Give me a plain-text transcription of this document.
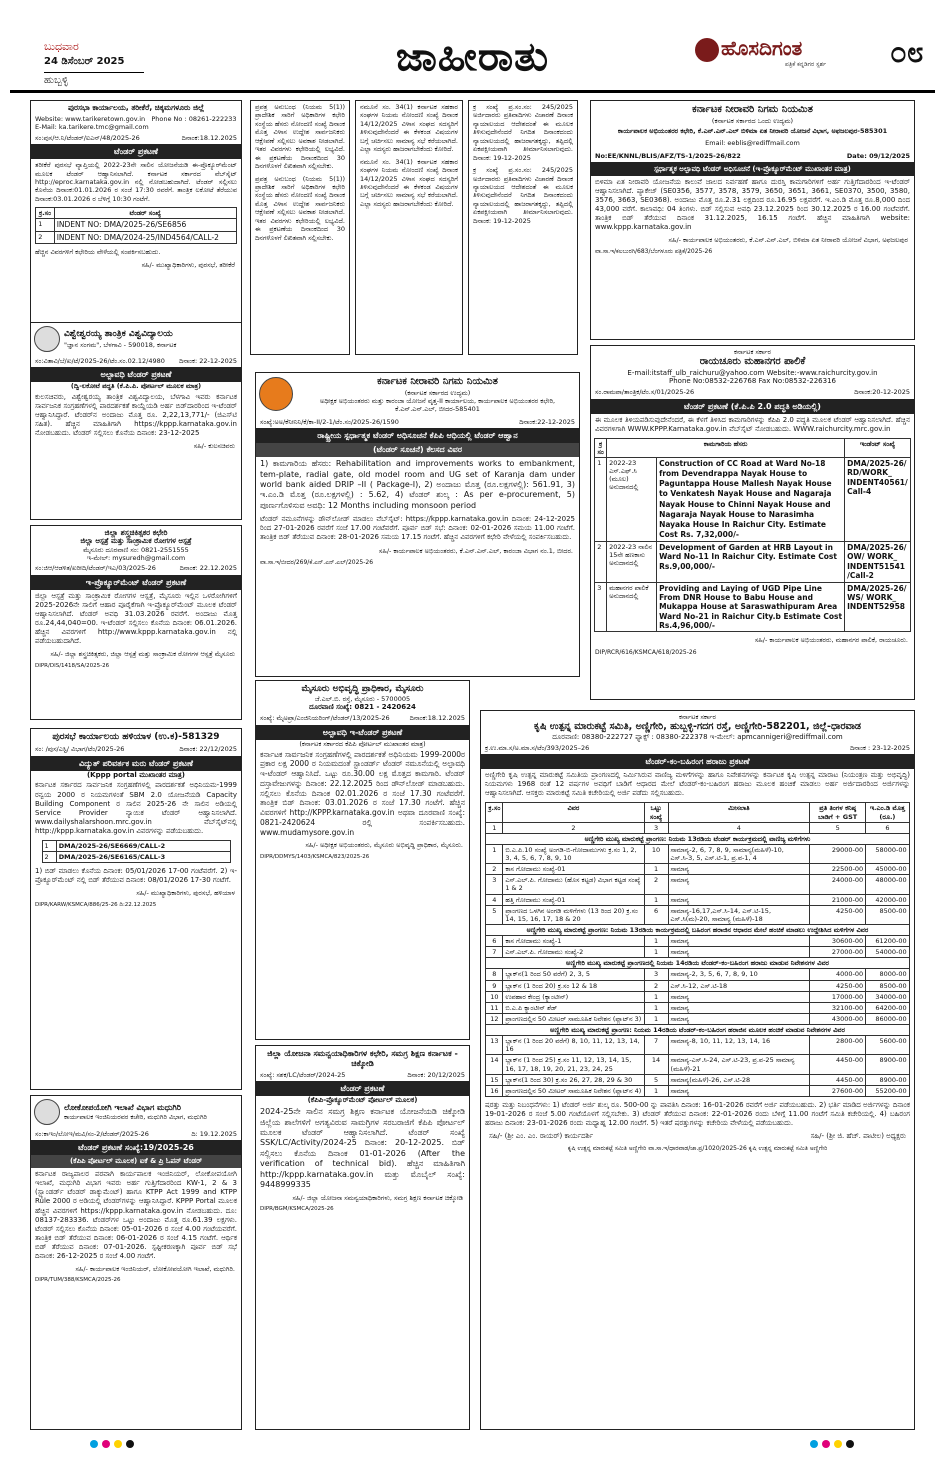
ಜಾಹೀರಾತು
ಬುಧವಾರ
24 ಡಿಸೆಂಬರ್ 2025
ಹುಬ್ಬಳ್ಳಿ
ಹೊಸದಿಗಂತ
ಪತ್ರಿಕೆ ಕನ್ನಡಿಗರ ಸ್ಪರ್ಶ ೦೮
ಪುರಸಭಾ ಕಾರ್ಯಾಲಯ, ತರೀಕೆರೆ, ಚಿಕ್ಕಮಗಳೂರು ಜಿಲ್ಲೆ
Website: www.tarikeretown.gov.in Phone No : 08261-222233
E-Mail: ka.tarikere.tmc@gmail.com
ಸಂ:ಪುಸ/ಆ.ನಿ/ಟೆಂಡರ್/ಐಎನ್/48/2025-26	ದಿನಾಂಕ:18.12.2025
ಟೆಂಡರ್ ಪ್ರಕಟಣೆ
ತರೀಕೆರೆ ಪುರಸಭೆ ವ್ಯಾಪ್ತಿಯಲ್ಲಿ 2022-23ನೇ ಸಾಲಿನ ಯೋಜನೆಯಡಿ ಈ-ಪ್ರೊಕ್ಯೂರ್‌ಮೆಂಟ್ ಮೂಲಕ ಟೆಂಡರ್ ಆಹ್ವಾನಿಸಲಾಗಿದೆ. ಕರ್ನಾಟಕ ಸರ್ಕಾರದ ವೆಬ್‌ಸೈಟ್ http://eproc.karnataka.gov.in ನಲ್ಲಿ ನೋಡಬಹುದಾಗಿದೆ. ಟೆಂಡರ್ ಸಲ್ಲಿಸಲು ಕೊನೆಯ ದಿನಾಂಕ:01.01.2026 ರ ಸಂಜೆ 17:30 ರವರೆಗೆ. ತಾಂತ್ರಿಕ ಲಕೋಟೆ ತೆರೆಯುವ ದಿನಾಂಕ:03.01.2026 ರ ಬೆಳಿಗ್ಗೆ 10:30 ಗಂಟೆಗೆ.
ಕ್ರ.ಸಂ	ಟೆಂಡರ್ ಸಂಖ್ಯೆ
1	INDENT NO: DMA/2025-26/SE6856
2	INDENT NO: DMA/2024-25/IND4564/CALL-2
ಹೆಚ್ಚಿನ ವಿವರಗಳಿಗೆ ಕಛೇರಿಯ ವೇಳೆಯಲ್ಲಿ ಸಂಪರ್ಕಿಸಬಹುದು.
ಸಹಿ/- ಮುಖ್ಯಾಧಿಕಾರಿಗಳು, ಪುರಸಭೆ, ತರೀಕೆರೆ
ಪ್ರಪತ್ರ ಅನುಬಂಧ (ನಿಯಮ 5(1)) ಪ್ರಾದೇಶಿಕ ಸಾರಿಗೆ ಅಧಿಕಾರಿಗಳ ಕಛೇರಿ ಸಂಸ್ಥೆಯ ಹೆಸರು ನೋಂದಣಿ ಸಂಖ್ಯೆ ದಿನಾಂಕ ಮೊತ್ತ ವಿಳಾಸ ಉದ್ದೇಶ ಸಾರ್ವಜನಿಕರು ಆಕ್ಷೇಪಣೆ ಸಲ್ಲಿಸಲು ಅವಕಾಶ ನೀಡಲಾಗಿದೆ. ಇತರ ವಿವರಗಳು ಕಛೇರಿಯಲ್ಲಿ ಲಭ್ಯವಿದೆ. ಈ ಪ್ರಕಟಣೆಯ ದಿನಾಂಕದಿಂದ 30 ದಿನಗಳೊಳಗೆ ಲಿಖಿತವಾಗಿ ಸಲ್ಲಿಸಬೇಕು.
ಪ್ರಪತ್ರ ಅನುಬಂಧ (ನಿಯಮ 5(1)) ಪ್ರಾದೇಶಿಕ ಸಾರಿಗೆ ಅಧಿಕಾರಿಗಳ ಕಛೇರಿ ಸಂಸ್ಥೆಯ ಹೆಸರು ನೋಂದಣಿ ಸಂಖ್ಯೆ ದಿನಾಂಕ ಮೊತ್ತ ವಿಳಾಸ ಉದ್ದೇಶ ಸಾರ್ವಜನಿಕರು ಆಕ್ಷೇಪಣೆ ಸಲ್ಲಿಸಲು ಅವಕಾಶ ನೀಡಲಾಗಿದೆ. ಇತರ ವಿವರಗಳು ಕಛೇರಿಯಲ್ಲಿ ಲಭ್ಯವಿದೆ. ಈ ಪ್ರಕಟಣೆಯ ದಿನಾಂಕದಿಂದ 30 ದಿನಗಳೊಳಗೆ ಲಿಖಿತವಾಗಿ ಸಲ್ಲಿಸಬೇಕು.
ನಮೂನೆ ಸಂ. 34(1) ಕರ್ನಾಟಕ ಸಹಕಾರ ಸಂಘಗಳ ನಿಯಮ ನೋಂದಣಿ ಸಂಖ್ಯೆ ದಿನಾಂಕ 14/12/2025 ವಿಳಾಸ ಸಂಘದ ಸದಸ್ಯರಿಗೆ ತಿಳಿಸುವುದೇನೆಂದರೆ ಈ ಕೆಳಕಂಡ ವಿಷಯಗಳ ಬಗ್ಗೆ ಚರ್ಚಿಸಲು ಸಾಮಾನ್ಯ ಸಭೆ ಕರೆಯಲಾಗಿದೆ. ಎಲ್ಲಾ ಸದಸ್ಯರು ಹಾಜರಾಗಬೇಕೆಂದು ಕೋರಿದೆ.
ನಮೂನೆ ಸಂ. 34(1) ಕರ್ನಾಟಕ ಸಹಕಾರ ಸಂಘಗಳ ನಿಯಮ ನೋಂದಣಿ ಸಂಖ್ಯೆ ದಿನಾಂಕ 14/12/2025 ವಿಳಾಸ ಸಂಘದ ಸದಸ್ಯರಿಗೆ ತಿಳಿಸುವುದೇನೆಂದರೆ ಈ ಕೆಳಕಂಡ ವಿಷಯಗಳ ಬಗ್ಗೆ ಚರ್ಚಿಸಲು ಸಾಮಾನ್ಯ ಸಭೆ ಕರೆಯಲಾಗಿದೆ. ಎಲ್ಲಾ ಸದಸ್ಯರು ಹಾಜರಾಗಬೇಕೆಂದು ಕೋರಿದೆ.
ಕ್ರ ಸಂಖ್ಯೆ ಪ್ರ.ಸಂ.ಸಂ: 245/2025 ಅರ್ಜಿದಾರರು ಪ್ರತಿವಾದಿಗಳು ವಿಚಾರಣೆ ದಿನಾಂಕ ನ್ಯಾಯಾಲಯದ ಆದೇಶದಂತೆ ಈ ಮೂಲಕ ತಿಳಿಸುವುದೇನೆಂದರೆ ನಿಗದಿತ ದಿನಾಂಕದಂದು ನ್ಯಾಯಾಲಯದಲ್ಲಿ ಹಾಜರಾಗತಕ್ಕದ್ದು, ತಪ್ಪಿದಲ್ಲಿ ಏಕಪಕ್ಷೀಯವಾಗಿ ತೀರ್ಮಾನಿಸಲಾಗುವುದು. ದಿನಾಂಕ: 19-12-2025
ಕ್ರ ಸಂಖ್ಯೆ ಪ್ರ.ಸಂ.ಸಂ: 245/2025 ಅರ್ಜಿದಾರರು ಪ್ರತಿವಾದಿಗಳು ವಿಚಾರಣೆ ದಿನಾಂಕ ನ್ಯಾಯಾಲಯದ ಆದೇಶದಂತೆ ಈ ಮೂಲಕ ತಿಳಿಸುವುದೇನೆಂದರೆ ನಿಗದಿತ ದಿನಾಂಕದಂದು ನ್ಯಾಯಾಲಯದಲ್ಲಿ ಹಾಜರಾಗತಕ್ಕದ್ದು, ತಪ್ಪಿದಲ್ಲಿ ಏಕಪಕ್ಷೀಯವಾಗಿ ತೀರ್ಮಾನಿಸಲಾಗುವುದು. ದಿನಾಂಕ: 19-12-2025
ಕರ್ನಾಟಕ ನೀರಾವರಿ ನಿಗಮ ನಿಯಮಿತ
(ಕರ್ನಾಟಕ ಸರ್ಕಾರದ ಒಂದು ಉದ್ಯಮ)
ಕಾರ್ಯಪಾಲಕ ಅಭಿಯಂತರರ ಕಛೇರಿ, ಕೆ.ಎನ್.ಎನ್.ಎಲ್ ಬಿಳಿಮಾ ಏತ ನೀರಾವರಿ ಯೋಜನೆ ವಿಭಾಗ, ಅಫಜಲಪುರ-585301
Email: eeblis@rediffmail.com
No:EE/KNNL/BLIS/AFZ/TS-1/2025-26/822	Date: 09/12/2025
ಸ್ಪರ್ಧಾತ್ಮಕ ಅಲ್ಪಾವಧಿ ಟೆಂಡರ್ ಅಧಿಸೂಚನೆ (ಇ-ಪ್ರೊಕ್ಯೂರ್‌ಮೆಂಟ್ ಮುಖಾಂತರ ಮಾತ್ರ)
ಬಿಳಿಮಾ ಏತ ನೀರಾವರಿ ಯೋಜನೆಯ ಕಾಲುವೆ ಜಾಲದ ನಿರ್ವಹಣೆ ಹಾಗೂ ದುರಸ್ತಿ ಕಾಮಗಾರಿಗಳಿಗೆ ಅರ್ಹ ಗುತ್ತಿಗೆದಾರರಿಂದ ಇ-ಟೆಂಡರ್ ಆಹ್ವಾನಿಸಲಾಗಿದೆ. ಪ್ಯಾಕೇಜ್ (SE0356, 3577, 3578, 3579, 3650, 3651, 3661, SE0370, 3500, 3580, 3576, 3663, SE0368). ಅಂದಾಜು ಮೊತ್ತ ರೂ.2.31 ಲಕ್ಷದಿಂದ ರೂ.16.95 ಲಕ್ಷವರೆಗೆ. ಇ.ಎಂ.ಡಿ ಮೊತ್ತ ರೂ.8,000 ದಿಂದ 43,000 ವರೆಗೆ. ಕಾಲಾವಧಿ: 04 ತಿಂಗಳು. ಬಿಡ್ ಸಲ್ಲಿಸುವ ಅವಧಿ 23.12.2025 ರಿಂದ 30.12.2025 ರ 16.00 ಗಂಟೆವರೆಗೆ. ತಾಂತ್ರಿಕ ಬಿಡ್ ತೆರೆಯುವ ದಿನಾಂಕ 31.12.2025, 16.15 ಗಂಟೆಗೆ. ಹೆಚ್ಚಿನ ಮಾಹಿತಿಗಾಗಿ website: www.kppp.karnataka.gov.in
ಸಹಿ/- ಕಾರ್ಯಪಾಲಕ ಅಭಿಯಂತರರು, ಕೆ.ಎನ್.ಎನ್.ಎಲ್, ಬಿಳಿಮಾ ಏತ ನೀರಾವರಿ ಯೋಜನೆ ವಿಭಾಗ, ಅಫಜಲಪುರ
ವಾ.ಸಾ.ಇ/ಕಲಬುರಗಿ/683/ಬೆಂಗಳೂರು ಪತ್ರಿಕೆ/2025-26
ವಿಶ್ವೇಶ್ವರಯ್ಯ ತಾಂತ್ರಿಕ ವಿಶ್ವವಿದ್ಯಾಲಯ
"ಜ್ಞಾನ ಸಂಗಮ", ಬೆಳಗಾವಿ - 590018, ಕರ್ನಾಟಕ
ಸಂ:ವಿತಾವಿ/ಬೆ/ಖ/ಟೆ/2025-26/ಟೆಂ.ಸಂ.02.12/4980 ದಿನಾಂಕ: 22-12-2025
ಅಲ್ಪಾವಧಿ ಟೆಂಡರ್ ಪ್ರಕಟಣೆ
(ದ್ವಿ-ಲಕೋಟೆ ಪದ್ಧತಿ (ಕೆ.ಪಿ.ಪಿ. ಪೋರ್ಟಲ್ ಮೂಲಕ ಮಾತ್ರ)
ಕುಲಸಚಿವರು, ವಿಶ್ವೇಶ್ವರಯ್ಯ ತಾಂತ್ರಿಕ ವಿಶ್ವವಿದ್ಯಾಲಯ, ಬೆಳಗಾವಿ ಇವರು ಕರ್ನಾಟಕ ಸಾರ್ವಜನಿಕ ಸಂಗ್ರಹಣೆಗಳಲ್ಲಿ ಪಾರದರ್ಶಕತೆ ಕಾಯ್ದೆಯಡಿ ಅರ್ಹ ಬಿಡ್‌ದಾರರಿಂದ ಇ-ಟೆಂಡರ್ ಆಹ್ವಾನಿಸಿದ್ದಾರೆ. ಟೆಂಡರ್‌ನ ಅಂದಾಜು ಮೊತ್ತ ರೂ. 2,22,13,771/- (ಜಿಎಸ್‌ಟಿ ಸಹಿತ). ಹೆಚ್ಚಿನ ಮಾಹಿತಿಗಾಗಿ https://kppp.karnataka.gov.in ನೋಡಬಹುದು. ಟೆಂಡರ್ ಸಲ್ಲಿಸಲು ಕೊನೆಯ ದಿನಾಂಕ: 23-12-2025
ಸಹಿ/- ಕುಲಸಚಿವರು
ಜಿಲ್ಲಾ ಶಸ್ತ್ರಚಿಕಿತ್ಸಕರ ಕಛೇರಿ
ಜಿಲ್ಲಾ ಆಸ್ಪತ್ರೆ ಮತ್ತು ಸಾಂಕ್ರಾಮಿಕ ರೋಗಗಳ ಆಸ್ಪತ್ರೆ
ಮೈಸೂರು ದೂರವಾಣಿ ಸಂ: 0821-2551555
ಇ-ಮೇಲ್: mysuredh@gmail.com
ಸಂ:ಜಿಆ/ಆಡಳಿತ/ಖರೀದಿ/ಟೆಂಡರ್/ಇಎ/03/2025-26	ದಿನಾಂಕ: 22.12.2025
ಇ-ಪ್ರೊಕ್ಯೂರ್‌ಮೆಂಟ್ ಟೆಂಡರ್ ಪ್ರಕಟಣೆ
ಜಿಲ್ಲಾ ಆಸ್ಪತ್ರೆ ಮತ್ತು ಸಾಂಕ್ರಾಮಿಕ ರೋಗಗಳ ಆಸ್ಪತ್ರೆ, ಮೈಸೂರು ಇಲ್ಲಿನ ಒಳರೋಗಿಗಳಿಗೆ 2025-2026ನೇ ಸಾಲಿಗೆ ಆಹಾರ ಪೂರೈಕೆಗಾಗಿ ಇ-ಪ್ರೊಕ್ಯೂರ್‌ಮೆಂಟ್ ಮೂಲಕ ಟೆಂಡರ್ ಆಹ್ವಾನಿಸಲಾಗಿದೆ. ಟೆಂಡರ್ ಅವಧಿ 31.03.2026 ರವರೆಗೆ. ಅಂದಾಜು ಮೊತ್ತ ರೂ.24,44,040=00. ಇ-ಟೆಂಡರ್ ಸಲ್ಲಿಸಲು ಕೊನೆಯ ದಿನಾಂಕ: 06.01.2026. ಹೆಚ್ಚಿನ ವಿವರಗಳಿಗೆ http://www.kppp.karnataka.gov.in ನಲ್ಲಿ ಪಡೆಯಬಹುದಾಗಿದೆ.
ಸಹಿ/- ಜಿಲ್ಲಾ ಶಸ್ತ್ರಚಿಕಿತ್ಸಕರು, ಜಿಲ್ಲಾ ಆಸ್ಪತ್ರೆ ಮತ್ತು ಸಾಂಕ್ರಾಮಿಕ ರೋಗಗಳ ಆಸ್ಪತ್ರೆ ಮೈಸೂರು
DIPR/DIS/1418/SA/2025-26
ಕರ್ನಾಟಕ ನೀರಾವರಿ ನಿಗಮ ನಿಯಮಿತ
(ಕರ್ನಾಟಕ ಸರ್ಕಾರದ ಉದ್ಯಮ)
ಅಧೀಕ್ಷಕ ಅಭಿಯಂತರರು ಮತ್ತು ಕಾರಂಜಾ ಯೋಜನೆ ವೃತ್ತ-II ಕಾರ್ಯಾಲಯ, ಕಾರ್ಯಪಾಲಕ ಅಭಿಯಂತರರ ಕಛೇರಿ, ಕೆ.ಎನ್.ಎನ್.ಎಲ್, ಬೀದರ-585401
ಸಂಖ್ಯೆ:ಅಅ/ಕೆನೀನಿನಿ/ಕೆ/ಕಾ-II/2-1/ಟೆಂ.ಸಂ/2025-26/1590	ದಿನಾಂಕ:22-12-2025
ರಾಷ್ಟ್ರೀಯ ಸ್ಪರ್ಧಾತ್ಮಕ ಟೆಂಡರ್ ಅಧಿಸೂಚನೆ ಕೆಪಿಪಿ ಆಧಿಯಲ್ಲಿ ಟೆಂಡರ್ ಆಹ್ವಾನ
(ಟೆಂಡರ್ ಸೂಚನೆ) ಕೆಲಸದ ವಿವರ
1) ಕಾಮಗಾರಿಯ ಹೆಸರು: Rehabilitation and improvements works to embankment, tem-plate, radial gate, old model room and UG set of Karanja dam under world bank aided DRIP –II ( Package-I), 2) ಅಂದಾಜು ಮೊತ್ತ (ರೂ.ಲಕ್ಷಗಳಲ್ಲಿ): 561.91, 3) ಇ.ಎಂ.ಡಿ ಮೊತ್ತ (ರೂ.ಲಕ್ಷಗಳಲ್ಲಿ) : 5.62, 4) ಟೆಂಡರ್ ಶುಲ್ಕ : As per e-procurement, 5) ಪೂರ್ಣಗೊಳಿಸುವ ಅವಧಿ: 12 Months including monsoon period
ಟೆಂಡರ್ ನಮೂನೆಗಳನ್ನು ಡೌನ್‌ಲೋಡ್ ಮಾಡಲು ವೆಬ್‌ಸೈಟ್: https://kppp.karnataka.gov.in ದಿನಾಂಕ: 24-12-2025 ರಿಂದ 27-01-2026 ರವರೆಗೆ ಸಂಜೆ 17.00 ಗಂಟೆವರೆಗೆ. ಪೂರ್ವ ಬಿಡ್ ಸಭೆ: ದಿನಾಂಕ: 02-01-2026 ಸಮಯ 11.00 ಗಂಟೆಗೆ. ತಾಂತ್ರಿಕ ಬಿಡ್ ತೆರೆಯುವ ದಿನಾಂಕ: 28-01-2026 ಸಮಯ 17.15 ಗಂಟೆಗೆ. ಹೆಚ್ಚಿನ ವಿವರಗಳಿಗೆ ಕಛೇರಿ ವೇಳೆಯಲ್ಲಿ ಸಂಪರ್ಕಿಸಬಹುದು.
ಸಹಿ/- ಕಾರ್ಯಪಾಲಕ ಅಭಿಯಂತರರು, ಕೆ.ಎನ್.ಎನ್.ಎಲ್, ಕಾರಂಜಾ ವಿಭಾಗ ನಂ.1, ಬೀದರ.
ವಾ.ಸಾ.ಇ/ಬೀದರ/269/ಕೆ.ಎನ್.ಎನ್.ಎಲ್/2025-26
ಕರ್ನಾಟಕ ಸರ್ಕಾರ
ರಾಯಚೂರು ಮಹಾನಗರ ಪಾಲಿಕೆ
E-mail:itstaff_ulb_raichuru@yahoo.com Website:-www.raichurcity.gov.in
Phone No:08532-226768 Fax No:08532-226316
ಸಂ.ರಾಮಪಾ/ತಾಂತ್ರಿಕ/ಟೆಂ.ಸ/01/2025-26	ದಿನಾಂಕ:20-12-2025
ಟೆಂಡರ್ ಪ್ರಕಟಣೆ (ಕೆ.ಪಿ.ಪಿ 2.0 ಪದ್ಧತಿ ಅಡಿಯಲ್ಲಿ)
ಈ ಮೂಲಕ ತಿಳಿಯಪಡಿಸುವುದೇನೆಂದರೆ, ಈ ಕೆಳಗೆ ತಿಳಿಸಿದ ಕಾಮಗಾರಿಗಳನ್ನು ಕೆಪಿಪಿ 2.0 ಪದ್ಧತಿ ಮೂಲಕ ಟೆಂಡರ್ ಆಹ್ವಾನಿಸಲಾಗಿದೆ. ಹೆಚ್ಚಿನ ವಿವರಗಳಿಗಾಗಿ WWW.KPPP.Karnataka.gov.in ವೆಬ್‌ಸೈಟ್ ನೋಡಬಹುದು. WWW.raichurcity.mrc.gov.in
ಕ್ರ ಸಂ	ಕಾಮಗಾರಿಯ ಹೆಸರು		ಇಂಡೆಂಟ್ ಸಂಖ್ಯೆ
1	2022-23 ಎಸ್.ಎಫ್.ಸಿ (ಮೂಲ) ಅನುದಾನದಲ್ಲಿ	Construction of CC Road at Ward No-18 from Devendrappa Nayak House to Paguntappa House Mallesh Nayak House to Venkatesh Nayak House and Nagaraja Nayak House to Chinni Nayak House and Nagaraja Nayak House to Narasimha Nayaka House In Raichur City. Estimate Cost Rs. 7,32,000/-	DMA/2025-26/ RD/WORK_ INDENT40561/ Call-4
2	2022-23 ನಾಲಿನ 15ನೇ ಹಣಕಾಸು ಅನುದಾನದಲ್ಲಿ	Development of Garden at HRB Layout in Ward No-11 In Raichur City. Estimate Cost Rs.9,00,000/-	DMA/2025-26/ OW/ WORK_ INDENT51541 /Call-2
3	ಮಹಾನಗರ ಪಾಲಿಕೆ ಅನುದಾನದಲ್ಲಿ	Providing and Laying of UGD Pipe Line From DNR House to Babu House and Mukappa House at Saraswathipuram Area Ward No-21 in Raichur City.b Estimate Cost Rs.4,96,000/-	DMA/2025-26/ WS/ WORK_ INDENT52958
ಸಹಿ/- ಕಾರ್ಯಪಾಲಕ ಅಭಿಯಂತರರು, ಮಹಾನಗರ ಪಾಲಿಕೆ, ರಾಯಚೂರು.
DIP/RCR/616/KSMCA/618/2025-26
ಪುರಸಭೆ ಕಾರ್ಯಾಲಯ ಹಳಿಯಾಳ (ಉ.ಕ)-581329
ಸಂ: /ಪುಸ/ಎಸ್ಟಿ/ ವಿಭಾಗ/ಟೆಂ/2025-26	ದಿನಾಂಕ: 22/12/2025
ವಿದ್ಯುತ್ ಪರಿವರ್ತಕ ಮರು ಟೆಂಡರ್ ಪ್ರಕಟಣೆ
(Kppp portal ಮುಖಾಂತರ ಮಾತ್ರ)
ಕರ್ನಾಟಕ ಸರ್ಕಾರದ ಸಾರ್ವಜನಿಕ ಸಂಗ್ರಹಣೆಗಳಲ್ಲಿ ಪಾರದರ್ಶಕತೆ ಅಧಿನಿಯಮ-1999 ರನ್ವಯ 2000 ರ ನಿಯಮಗಳಂತೆ SBM 2.0 ಯೋಜನೆಯಡಿ Capacity Building Component ರ ಸಾಲಿನ 2025-26 ನೇ ಸಾಲಿನ ಅಡಿಯಲ್ಲಿ Service Provider ನ್ಯಾಯಿಕ ಟೆಂಡರ್ ಆಹ್ವಾನಿಸಲಾಗಿದೆ. www.dailyshalarshoon.mrc.gov.in ವೆಬ್‌ಸೈಟ್‌ನಲ್ಲಿ http://kppp.karnataka.gov.in ವಿವರಗಳನ್ನು ಪಡೆಯಬಹುದು.
1	DMA/2025-26/SE6669/CALL-2
2	DMA/2025-26/SE6165/CALL-3
1) ಬಿಡ್ ಮಾಡಲು ಕೊನೆಯ ದಿನಾಂಕ: 05/01/2026 17-00 ಗಂಟೆವರೆಗೆ. 2) ಇ-ಪ್ರೊಕ್ಯೂರ್‌ಮೆಂಟ್ ನಲ್ಲಿ ಬಿಡ್ ತೆರೆಯುವ ದಿನಾಂಕ: 08/01/2026 17-30 ಗಂಟೆಗೆ.
ಸಹಿ/- ಮುಖ್ಯಾಧಿಕಾರಿಗಳು, ಪುರಸಭೆ, ಹಳಿಯಾಳ
DIPR/KARW/KSMCA/886/25-26 ದಿ:22.12.2025
ಮೈಸೂರು ಅಭಿವೃದ್ಧಿ ಪ್ರಾಧಿಕಾರ, ಮೈಸೂರು
ಜೆ.ಎಲ್.ಬಿ. ರಸ್ತೆ, ಮೈಸೂರು - 5700005
ದೂರವಾಣಿ ಸಂಖ್ಯೆ: 0821 - 2420624
ಸಂಖ್ಯೆ: ಮೈಅಪ್ರಾ/ಎಂಜಿನಿಯರಿಂಗ್/ಟೆಂಡರ್/13/2025-26	ದಿನಾಂಕ:18.12.2025
ಅಲ್ಪಾವಧಿ ಇ-ಟೆಂಡರ್ ಪ್ರಕಟಣೆ
(ಕರ್ನಾಟಕ ಸರ್ಕಾರದ ಕೆಪಿಪಿ ಪೋರ್ಟಲ್ ಮುಖಾಂತರ ಮಾತ್ರ)
ಕರ್ನಾಟಕ ಸಾರ್ವಜನಿಕ ಸಂಗ್ರಹಣೆಗಳಲ್ಲಿ ಪಾರದರ್ಶಕತೆ ಅಧಿನಿಯಮ 1999-2000ರ ಪ್ರಕಾರ ಲಕ್ಷ 2000 ರ ನಿಯಮದಂತೆ ಸ್ಟಾಂಡರ್ಡ್ ಟೆಂಡರ್ ನಮೂನೆಯಲ್ಲಿ ಅಲ್ಪಾವಧಿ ಇ-ಟೆಂಡರ್ ಆಹ್ವಾನಿಸಿದೆ. ಒಟ್ಟು ರೂ.30.00 ಲಕ್ಷ ಮೊತ್ತದ ಕಾಮಗಾರಿ. ಟೆಂಡರ್ ದಸ್ತಾವೇಜುಗಳನ್ನು ದಿನಾಂಕ: 22.12.2025 ರಿಂದ ಡೌನ್‌ಲೋಡ್ ಮಾಡಬಹುದು. ಸಲ್ಲಿಸಲು ಕೊನೆಯ ದಿನಾಂಕ 02.01.2026 ರ ಸಂಜೆ 17.30 ಗಂಟೆವರೆಗೆ. ತಾಂತ್ರಿಕ ಬಿಡ್ ದಿನಾಂಕ: 03.01.2026 ರ ಸಂಜೆ 17.30 ಗಂಟೆಗೆ. ಹೆಚ್ಚಿನ ವಿವರಗಳಿಗೆ http://KPPP.karnataka.gov.in ಅಥವಾ ದೂರವಾಣಿ ಸಂಖ್ಯೆ: 0821-2420624 ರಲ್ಲಿ ಸಂಪರ್ಕಿಸಬಹುದು. www.mudamysore.gov.in
ಸಹಿ/- ಅಧೀಕ್ಷಕ ಅಭಿಯಂತರರು, ಮೈಸೂರು ಅಭಿವೃದ್ಧಿ ಪ್ರಾಧಿಕಾರ, ಮೈಸೂರು.
DIPR/DDMYS/1403/KSMCA/823/2025-26
ಕರ್ನಾಟಕ ಸರ್ಕಾರ
ಕೃಷಿ ಉತ್ಪನ್ನ ಮಾರುಕಟ್ಟೆ ಸಮಿತಿ, ಅಣ್ಣಿಗೇರಿ, ಹುಬ್ಬಳ್ಳಿ-ಗದಗ ರಸ್ತೆ, ಅಣ್ಣಿಗೇರಿ-582201, ಜಿಲ್ಲೆ-ಧಾರವಾಡ
ದೂರವಾಣಿ: 08380-222727 ಫ್ಯಾಕ್ಸ್ : 08380-222378 ಇ-ಮೇಲ್: apmcannigeri@rediffmail.com
ಕ್ರ.ಉ.ಮಾ.ಸ/ಅ.ಮಾ.ಸ/ಟೆಂ/393/2025–26	ದಿನಾಂಕ : 23-12-2025
ಟೆಂಡರ್-ಕಂ-ಬಹಿರಂಗ ಹರಾಜು ಪ್ರಕಟಣೆ
ಅಣ್ಣಿಗೇರಿ ಕೃಷಿ ಉತ್ಪನ್ನ ಮಾರುಕಟ್ಟೆ ಸಮಿತಿಯ ಪ್ರಾಂಗಣದಲ್ಲಿ ನಿರ್ಮಿಸಿರುವ ವಾಣಿಜ್ಯ ಮಳಿಗೆಗಳನ್ನು ಹಾಗೂ ನಿವೇಶನಗಳನ್ನು ಕರ್ನಾಟಕ ಕೃಷಿ ಉತ್ಪನ್ನ ಮಾರಾಟ (ನಿಯಂತ್ರಣ ಮತ್ತು ಅಭಿವೃದ್ಧಿ) ನಿಯಮಗಳು 1968 ರಂತೆ 12 ವರ್ಷಗಳ ಅವಧಿಗೆ ಬಾಡಿಗೆ ಆಧಾರದ ಮೇಲೆ ಟೆಂಡರ್-ಕಂ-ಬಹಿರಂಗ ಹರಾಜು ಮೂಲಕ ಹಂಚಿಕೆ ಮಾಡಲು ಅರ್ಹ ಅರ್ಜಿದಾರರಿಂದ ಅರ್ಜಿಗಳನ್ನು ಆಹ್ವಾನಿಸಲಾಗಿದೆ. ಆಸಕ್ತರು ಮಾರುಕಟ್ಟೆ ಸಮಿತಿ ಕಚೇರಿಯಲ್ಲಿ ಅರ್ಜಿ ಪಡೆದು ಸಲ್ಲಿಸಬಹುದು.
ಕ್ರ.ಸಂ	ವಿವರ	ಒಟ್ಟು ಸಂಖ್ಯೆ	ಮೀಸಲಾತಿ	ಪ್ರತಿ ತಿಂಗಳ ಕನಿಷ್ಠ ಬಾಡಿಗೆ + GST	ಇ.ಎಂ.ಡಿ ಮೊತ್ತ (ರೂ.)
1	2	3	4	5	6
ಅಣ್ಣಿಗೇರಿ ಮುಖ್ಯ ಮಾರುಕಟ್ಟೆ ಪ್ರಾಂಗಣ: ನಿಯಮ 13ರಡಿಯ ಟೆಂಡರ್ ಕಾರ್ಯಕ್ರಮದಲ್ಲಿ ವಾಣಿಜ್ಯ ಮಳಿಗೆಗಳು					
1	ಬಿ.ಎ.ಪಿ.10 ಸಂಖ್ಯೆ ಅಂಗಡಿ-ಬಿ-ಗೋದಾಮುಗಳು ಕ್ರ.ಸಂ 1, 2, 3, 4, 5, 6, 7, 8, 9, 10	10	ಸಾಮಾನ್ಯ-2, 6, 7, 8, 9, ಸಾಮಾನ್ಯ(ಮಹಿಳೆ)-10, ಎಸ್.ಸಿ-3, 5, ಎಸ್.ಟಿ-1, ಪ್ರ.ವ-1, 4	29000-00	58000-00
2	ಕಾಸ ಗೋದಾಮು ಸಂಖ್ಯೆ-01	1	ಸಾಮಾನ್ಯ	22500-00	45000-00
3	ಎಸ್.ಎಲ್.ಪಿ. ಗೋದಾಮು (ಹೊಸ ಕಟ್ಟಡ) ವಿಭಾಗ ಕಟ್ಟಡ ಸಂಖ್ಯೆ 1 & 2	2	ಸಾಮಾನ್ಯ	24000-00	48000-00
4	ಹತ್ತಿ ಗೋದಾಮು ಸಂಖ್ಯೆ-01	1	ಸಾಮಾನ್ಯ	21000-00	42000-00
5	ಪ್ರಾಂಗಣದ ಒಳಗಿನ ಅಂಗಡಿ ಮಳಿಗೆಗಳು (13 ರಿಂದ 20) ಕ್ರ.ಸಂ 14, 15, 16, 17, 18 & 20	6	ಸಾಮಾನ್ಯ-16,17,ಎಸ್.ಸಿ-14, ಎಸ್.ಟಿ-15, ಎಸ್.ಸಿ(ಮ)-20, ಸಾಮಾನ್ಯ (ಮಹಿಳೆ)-18	4250-00	8500-00
ಅಣ್ಣಿಗೇರಿ ಮುಖ್ಯ ಮಾರುಕಟ್ಟೆ ಪ್ರಾಂಗಣ: ನಿಯಮ 13ರಡಿಯ ಕಾರ್ಯಕ್ರಮದಲ್ಲಿ ಬಹಿರಂಗ ಹರಾಜಿನ ಆಧಾರದ ಮೇಲೆ ಹಂಚಿಕೆ ಮಾಡಲು ಉದ್ದೇಶಿಸಿದ ಮಳಿಗೆಗಳ ವಿವರ					
6	ಕಾಸ ಗೋದಾಮು ಸಂಖ್ಯೆ-1	1	ಸಾಮಾನ್ಯ	30600-00	61200-00
7	ಎಸ್.ಎಲ್.ಪಿ. ಗೋದಾಮು ಸಂಖ್ಯೆ-2	1	ಸಾಮಾನ್ಯ	27000-00	54000-00
ಅಣ್ಣಿಗೇರಿ ಮುಖ್ಯ ಮಾರುಕಟ್ಟೆ ಪ್ರಾಂಗಣದಲ್ಲಿ ನಿಯಮ 14ರಡಿಯ ಟೆಂಡರ್-ಕಂ-ಬಹಿರಂಗ ಹರಾಜು ಮಾಡುವ ನಿವೇಶನಗಳ ವಿವರ					
8	ಬ್ಲಾಕ್‌ನ(1 ರಿಂದ 50 ವರೆಗೆ) 2, 3, 5	3	ಸಾಮಾನ್ಯ-2, 3, 5, 6, 7, 8, 9, 10	4000-00	8000-00
9	ಬ್ಲಾಕ್‌ನ (1 ರಿಂದ 20) ಕ್ರ.ಸಂ 12 & 18	2	ಎಸ್.ಸಿ-12, ಎಸ್.ಟಿ-18	4250-00	8500-00
10	ಉಪಹಾರ ಕೇಂದ್ರ (ಕ್ಯಾಂಟೀನ್)	1	ಸಾಮಾನ್ಯ	17000-00	34000-00
11	ಬಿ.ಎ.ಪಿ ಕ್ಯಾಂಟೀನ್ ಶೆಡ್	1	ಸಾಮಾನ್ಯ	32100-00	64200-00
12	ಪ್ರಾಂಗಣದಲ್ಲಿನ 50 ಮೀಟರ್ ಸಾಮೂಹಿಕ ನಿವೇಶನ (ಪ್ಲಾಟ್‌ನ 3)	1	ಸಾಮಾನ್ಯ	43000-00	86000-00
ಅಣ್ಣಿಗೇರಿ ಮುಖ್ಯ ಮಾರುಕಟ್ಟೆ ಪ್ರಾಂಗಣ: ನಿಯಮ 14ರಡಿಯ ಟೆಂಡರ್-ಕಂ-ಬಹಿರಂಗ ಹರಾಜಿನ ಮೂಲಕ ಹಂಚಿಕೆ ಮಾಡುವ ನಿವೇಶನಗಳ ವಿವರ					
13	ಬ್ಲಾಕ್‌ನ (1 ರಿಂದ 20 ವರೆಗೆ) 8, 10, 11, 12, 13, 14, 16	7	ಸಾಮಾನ್ಯ-8, 10, 11, 12, 13, 14, 16	2800-00	5600-00
14	ಬ್ಲಾಕ್‌ನ (1 ರಿಂದ 25) ಕ್ರ.ಸಂ 11, 12, 13, 14, 15, 16, 17, 18, 19, 20, 21, 23, 24, 25	14	ಸಾಮಾನ್ಯ-ಎಸ್.ಸಿ-24, ಎಸ್.ಟಿ-23, ಪ್ರ.ವ-25 ಸಾಮಾನ್ಯ (ಮಹಿಳೆ)-21	4450-00	8900-00
15	ಬ್ಲಾಕ್‌ನ(1 ರಿಂದ 30) ಕ್ರ.ಸಂ 26, 27, 28, 29 & 30	5	ಸಾಮಾನ್ಯ(ಮಹಿಳೆ)-26, ಎಸ್.ಟಿ-28	4450-00	8900-00
16	ಪ್ರಾಂಗಣದಲ್ಲಿನ 50 ಮೀಟರ್ ಸಾಮೂಹಿಕ ನಿವೇಶನ (ಪ್ಲಾಟ್‌ನ 4)	1	ಸಾಮಾನ್ಯ	27600-00	55200-00
ಷರತ್ತು ಮತ್ತು ನಿಬಂಧನೆಗಳು: 1) ಟೆಂಡರ್ ಅರ್ಜಿ ಶುಲ್ಕ ರೂ. 500-00 ನ್ನು ಪಾವತಿಸಿ ದಿನಾಂಕ: 16-01-2026 ರವರೆಗೆ ಅರ್ಜಿ ಪಡೆಯಬಹುದು. 2) ಭರ್ತಿ ಮಾಡಿದ ಅರ್ಜಿಗಳನ್ನು ದಿನಾಂಕ 19-01-2026 ರ ಸಂಜೆ 5.00 ಗಂಟೆಯೊಳಗೆ ಸಲ್ಲಿಸಬೇಕು. 3) ಟೆಂಡರ್ ತೆರೆಯುವ ದಿನಾಂಕ: 22-01-2026 ರಂದು ಬೆಳಿಗ್ಗೆ 11.00 ಗಂಟೆಗೆ ಸಮಿತಿ ಕಚೇರಿಯಲ್ಲಿ. 4) ಬಹಿರಂಗ ಹರಾಜು ದಿನಾಂಕ: 23-01-2026 ರಂದು ಮಧ್ಯಾಹ್ನ 12.00 ಗಂಟೆಗೆ. 5) ಇತರೆ ಷರತ್ತುಗಳನ್ನು ಕಚೇರಿಯ ವೇಳೆಯಲ್ಲಿ ಪಡೆಯಬಹುದು.
ಸಹಿ/- (ಶ್ರೀ ಎಂ. ಎಂ. ರಾಯರ್) ಕಾರ್ಯದರ್ಶಿ	ಸಹಿ/- (ಶ್ರೀ ಜಿ. ಹೆಚ್. ಪಾಟೀಲ) ಅಧ್ಯಕ್ಷರು
ಕೃಷಿ ಉತ್ಪನ್ನ ಮಾರುಕಟ್ಟೆ ಸಮಿತಿ ಅಣ್ಣಿಗೇರಿ ವಾ.ಸಾ.ಇ/ಧಾರವಾಡ/ಜಾ.ಪ್ರ/1020/2025-26 ಕೃಷಿ ಉತ್ಪನ್ನ ಮಾರುಕಟ್ಟೆ ಸಮಿತಿ ಅಣ್ಣಿಗೇರಿ
ಲೋಕೋಪಯೋಗಿ ಇಲಾಖೆ ವಿಭಾಗ ಮಧುಗಿರಿ
ಕಾರ್ಯಪಾಲಕ ಇಂಜಿನಿಯರವರ ಕಚೇರಿ, ಮಧುಗಿರಿ ವಿಭಾಗ, ಮಧುಗಿರಿ
ಸಂ:ಕಾಇಂ/ಲೋಇ/ಮವಿ/ಸಂ-2/ಟೆಂಡರ್/2025-26	ದಿ: 19.12.2025
ಟೆಂಡರ್ ಪ್ರಕಟಣೆ ಸಂಖ್ಯೆ:19/2025-26
(ಕೆಪಿಪಿ ಪೋರ್ಟಲ್ ಮೂಲಕ) ಐಕೆ & ಪ್ರಿ ಓಪನ್ ಟೆಂಡರ್
ಕರ್ನಾಟಕ ರಾಜ್ಯಪಾಲರ ಪರವಾಗಿ ಕಾರ್ಯಪಾಲಕ ಇಂಜಿನಿಯರ್, ಲೋಕೋಪಯೋಗಿ ಇಲಾಖೆ, ಮಧುಗಿರಿ ವಿಭಾಗ ಇವರು ಅರ್ಹ ಗುತ್ತಿಗೆದಾರರಿಂದ KW-1, 2 & 3 (ಸ್ಟ್ಯಾಂಡರ್ಡ್ ಟೆಂಡರ್ ಡಾಕ್ಯುಮೆಂಟ್) ಹಾಗೂ KTPP Act 1999 and KTPP Rule 2000 ರ ಅಡಿಯಲ್ಲಿ ಟೆಂಡರ್‌ಗಳನ್ನು ಆಹ್ವಾನಿಸಿದ್ದಾರೆ. KPPP Portal ಮೂಲಕ ಹೆಚ್ಚಿನ ವಿವರಗಳಿಗೆ https://kppp.karnataka.gov.in ನೋಡಬಹುದು. ದೂ: 08137-283336. ಟೆಂಡರ್‌ಗಳ ಒಟ್ಟು ಅಂದಾಜು ಮೊತ್ತ ರೂ.61.39 ಲಕ್ಷಗಳು. ಟೆಂಡರ್ ಸಲ್ಲಿಸಲು ಕೊನೆಯ ದಿನಾಂಕ: 05-01-2026 ರ ಸಂಜೆ 4.00 ಗಂಟೆಯವರೆಗೆ. ತಾಂತ್ರಿಕ ಬಿಡ್ ತೆರೆಯುವ ದಿನಾಂಕ: 06-01-2026 ರ ಸಂಜೆ 4.15 ಗಂಟೆಗೆ. ಆರ್ಥಿಕ ಬಿಡ್ ತೆರೆಯುವ ದಿನಾಂಕ: 07-01-2026. ಸ್ಪಷ್ಟೀಕರಣಕ್ಕಾಗಿ ಪೂರ್ವ ಬಿಡ್ ಸಭೆ ದಿನಾಂಕ: 26-12-2025 ರ ಸಂಜೆ 4.00 ಗಂಟೆಗೆ.
ಸಹಿ/- ಕಾರ್ಯಪಾಲಕ ಇಂಜಿನಿಯರ್, ಲೋಕೋಪಯೋಗಿ ಇಲಾಖೆ, ಮಧುಗಿರಿ.
DIPR/TUM/388/KSMCA/2025-26
ಜಿಲ್ಲಾ ಯೋಜನಾ ಸಮನ್ವಯಾಧಿಕಾರಿಗಳ ಕಛೇರಿ, ಸಮಗ್ರ ಶಿಕ್ಷಣ ಕರ್ನಾಟಕ - ಚಿಕ್ಕೋಡಿ
ಸಂಖ್ಯೆ: ಸಶಕ/LC/ಟೆಂಡರ್/2024-25	ದಿನಾಂಕ: 20/12/2025
ಟೆಂಡರ್ ಪ್ರಕಟಣೆ
(ಕೆಪಿಪಿ-ಪ್ರೊಕ್ಯೂರ್‌ಮೆಂಟ್ ಪೋರ್ಟಲ್ ಮೂಲಕ)
2024-25ನೇ ಸಾಲಿನ ಸಮಗ್ರ ಶಿಕ್ಷಣ ಕರ್ನಾಟಕ ಯೋಜನೆಯಡಿ ಚಿಕ್ಕೋಡಿ ಜಿಲ್ಲೆಯ ಶಾಲೆಗಳಿಗೆ ಅಗತ್ಯವಿರುವ ಸಾಮಗ್ರಿಗಳ ಸರಬರಾಜಿಗೆ ಕೆಪಿಪಿ ಪೋರ್ಟಲ್ ಮೂಲಕ ಟೆಂಡರ್ ಆಹ್ವಾನಿಸಲಾಗಿದೆ. ಟೆಂಡರ್ ಸಂಖ್ಯೆ SSK/LC/Activity/2024-25 ದಿನಾಂಕ: 20-12-2025. ಬಿಡ್ ಸಲ್ಲಿಸಲು ಕೊನೆಯ ದಿನಾಂಕ 01-01-2026 (After the verification of technical bid). ಹೆಚ್ಚಿನ ಮಾಹಿತಿಗಾಗಿ http://kppp.karnataka.gov.in ಮತ್ತು ಮೊಬೈಲ್ ಸಂಖ್ಯೆ: 9448999335
ಸಹಿ/- ಜಿಲ್ಲಾ ಯೋಜನಾ ಸಮನ್ವಯಾಧಿಕಾರಿಗಳು, ಸಮಗ್ರ ಶಿಕ್ಷಣ ಕರ್ನಾಟಕ ಚಿಕ್ಕೋಡಿ
DIPR/BGM/KSMCA/2025-26
